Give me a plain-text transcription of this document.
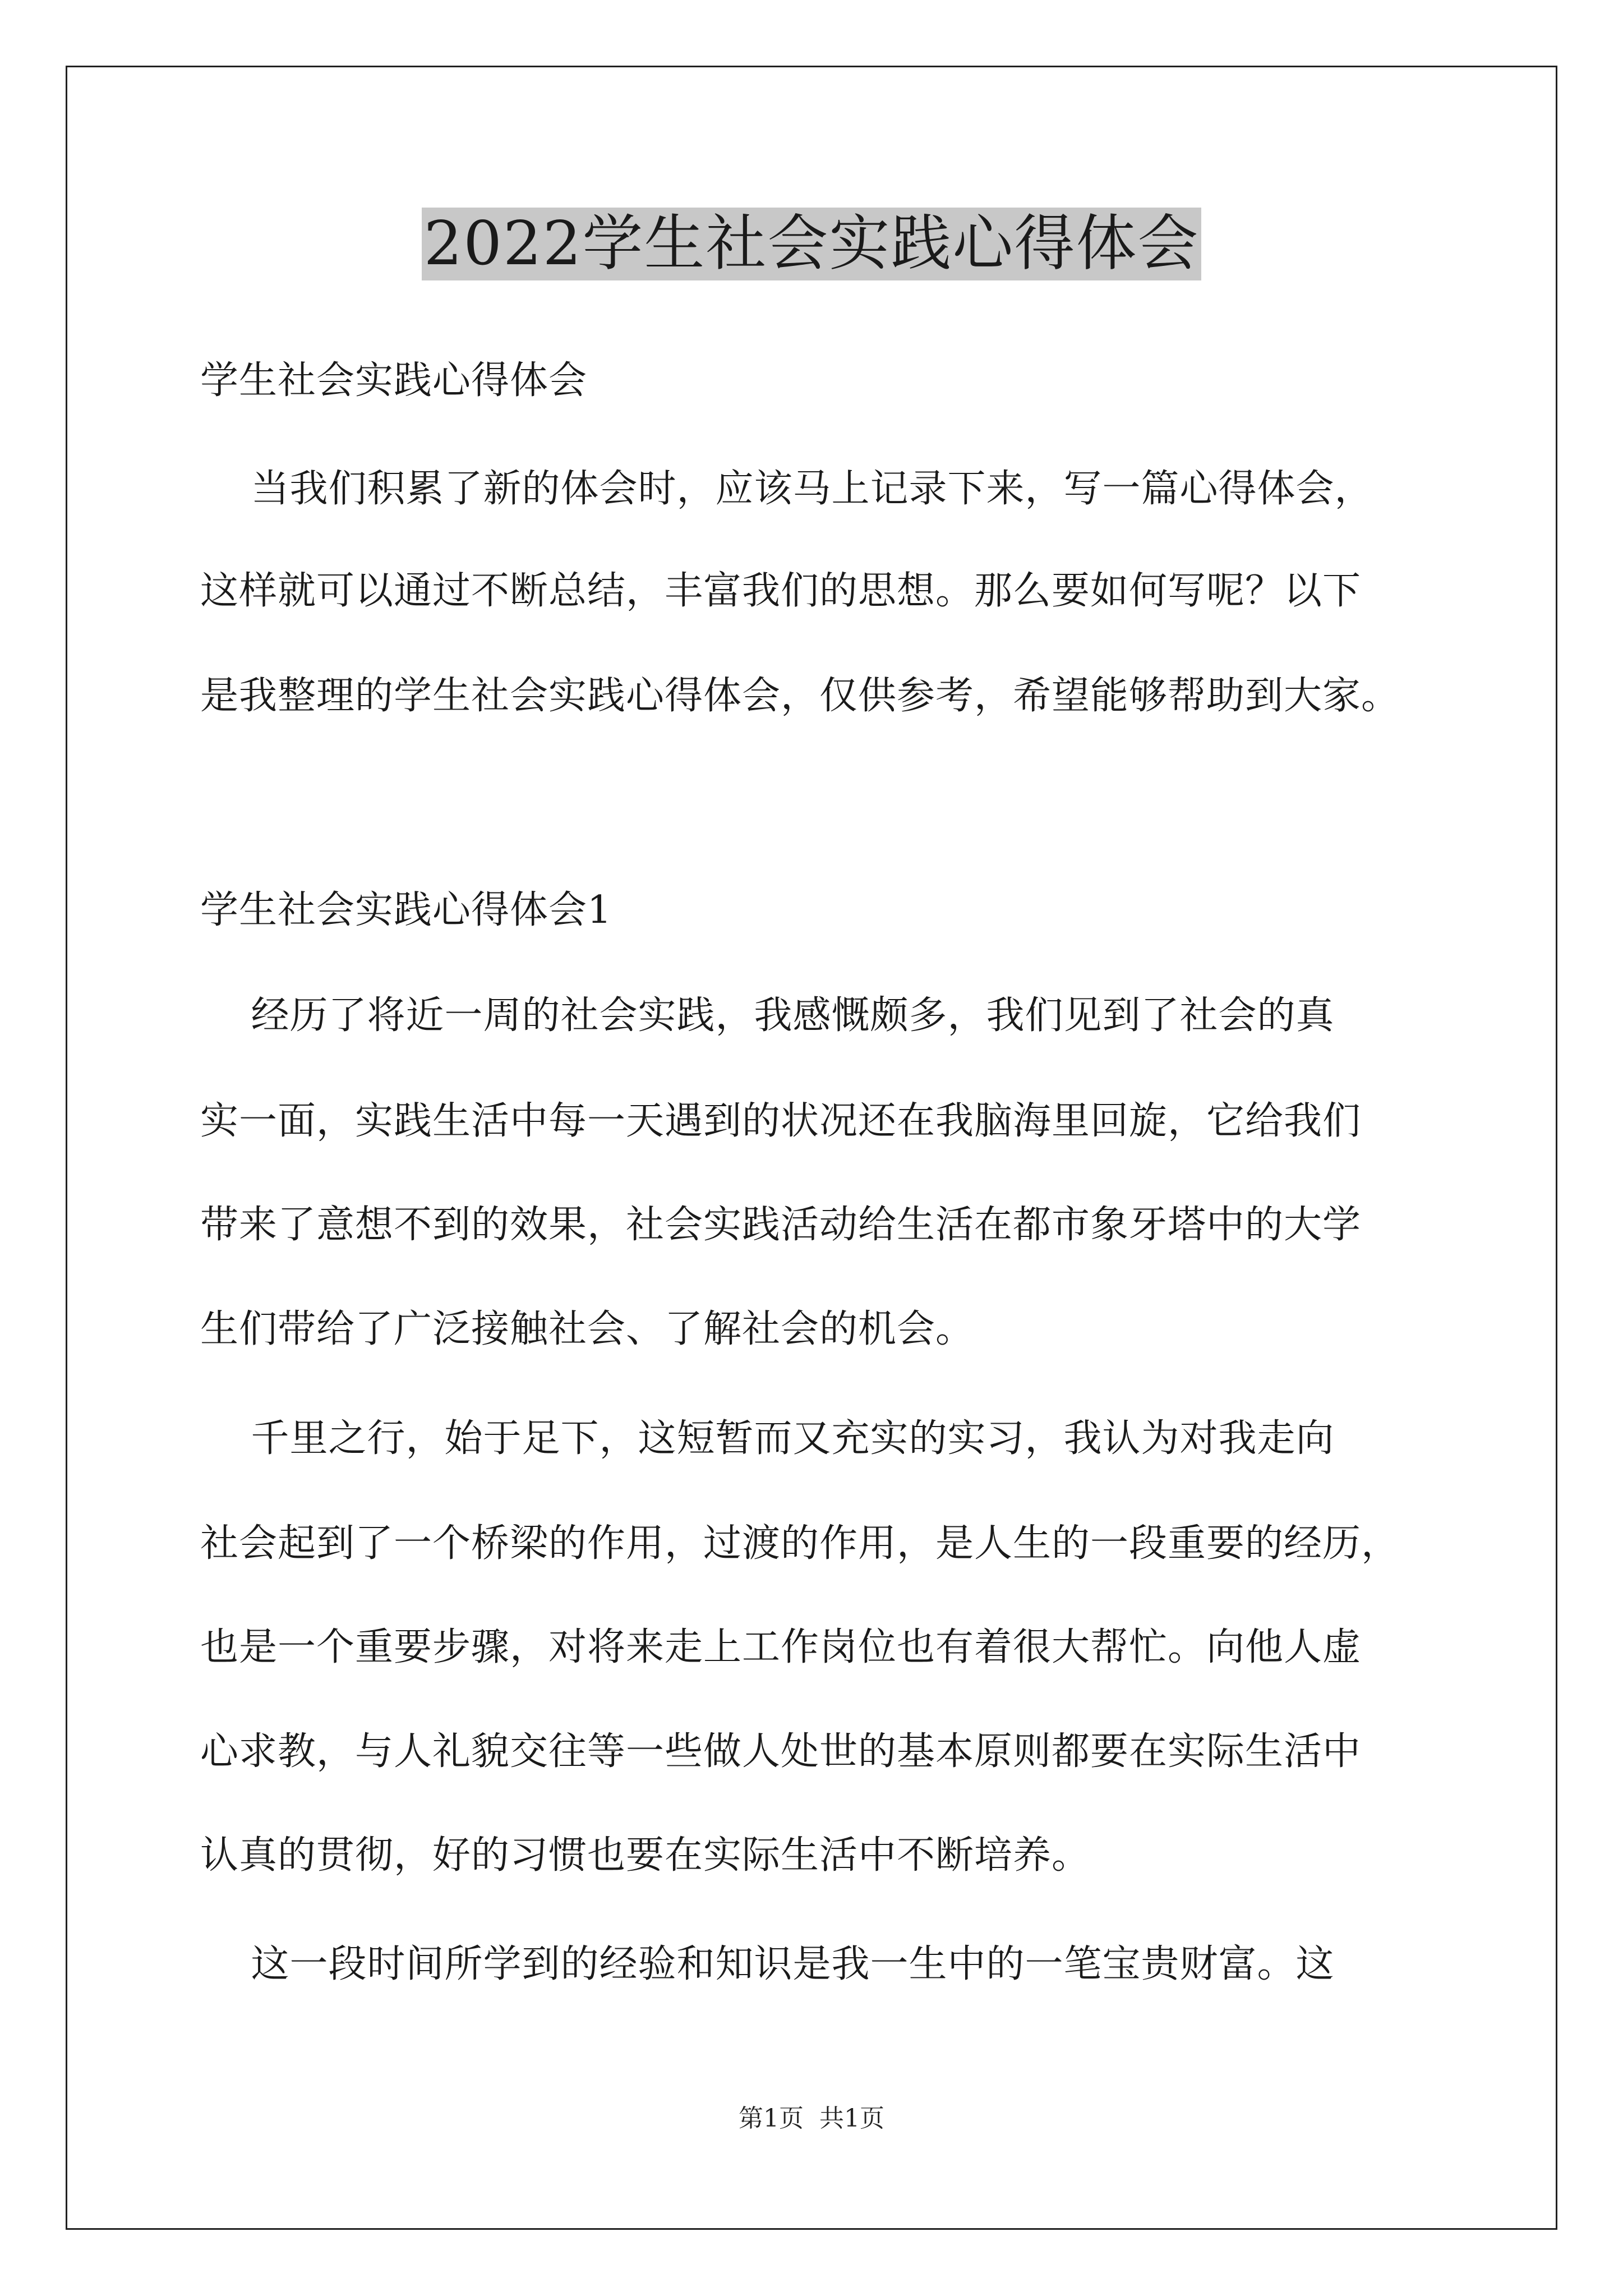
2022学生社会实践心得体会
学生社会实践心得体会
当我们积累了新的体会时，应该马上记录下来，写一篇心得体会，
这样就可以通过不断总结，丰富我们的思想。那么要如何写呢？以下
是我整理的学生社会实践心得体会，仅供参考，希望能够帮助到大家。
学生社会实践心得体会1
经历了将近一周的社会实践，我感慨颇多，我们见到了社会的真
实一面，实践生活中每一天遇到的状况还在我脑海里回旋，它给我们
带来了意想不到的效果，社会实践活动给生活在都市象牙塔中的大学
生们带给了广泛接触社会、了解社会的机会。
千里之行，始于足下，这短暂而又充实的实习，我认为对我走向
社会起到了一个桥梁的作用，过渡的作用，是人生的一段重要的经历，
也是一个重要步骤，对将来走上工作岗位也有着很大帮忙。向他人虚
心求教，与人礼貌交往等一些做人处世的基本原则都要在实际生活中
认真的贯彻，好的习惯也要在实际生活中不断培养。
这一段时间所学到的经验和知识是我一生中的一笔宝贵财富。这
第1页  共1页
